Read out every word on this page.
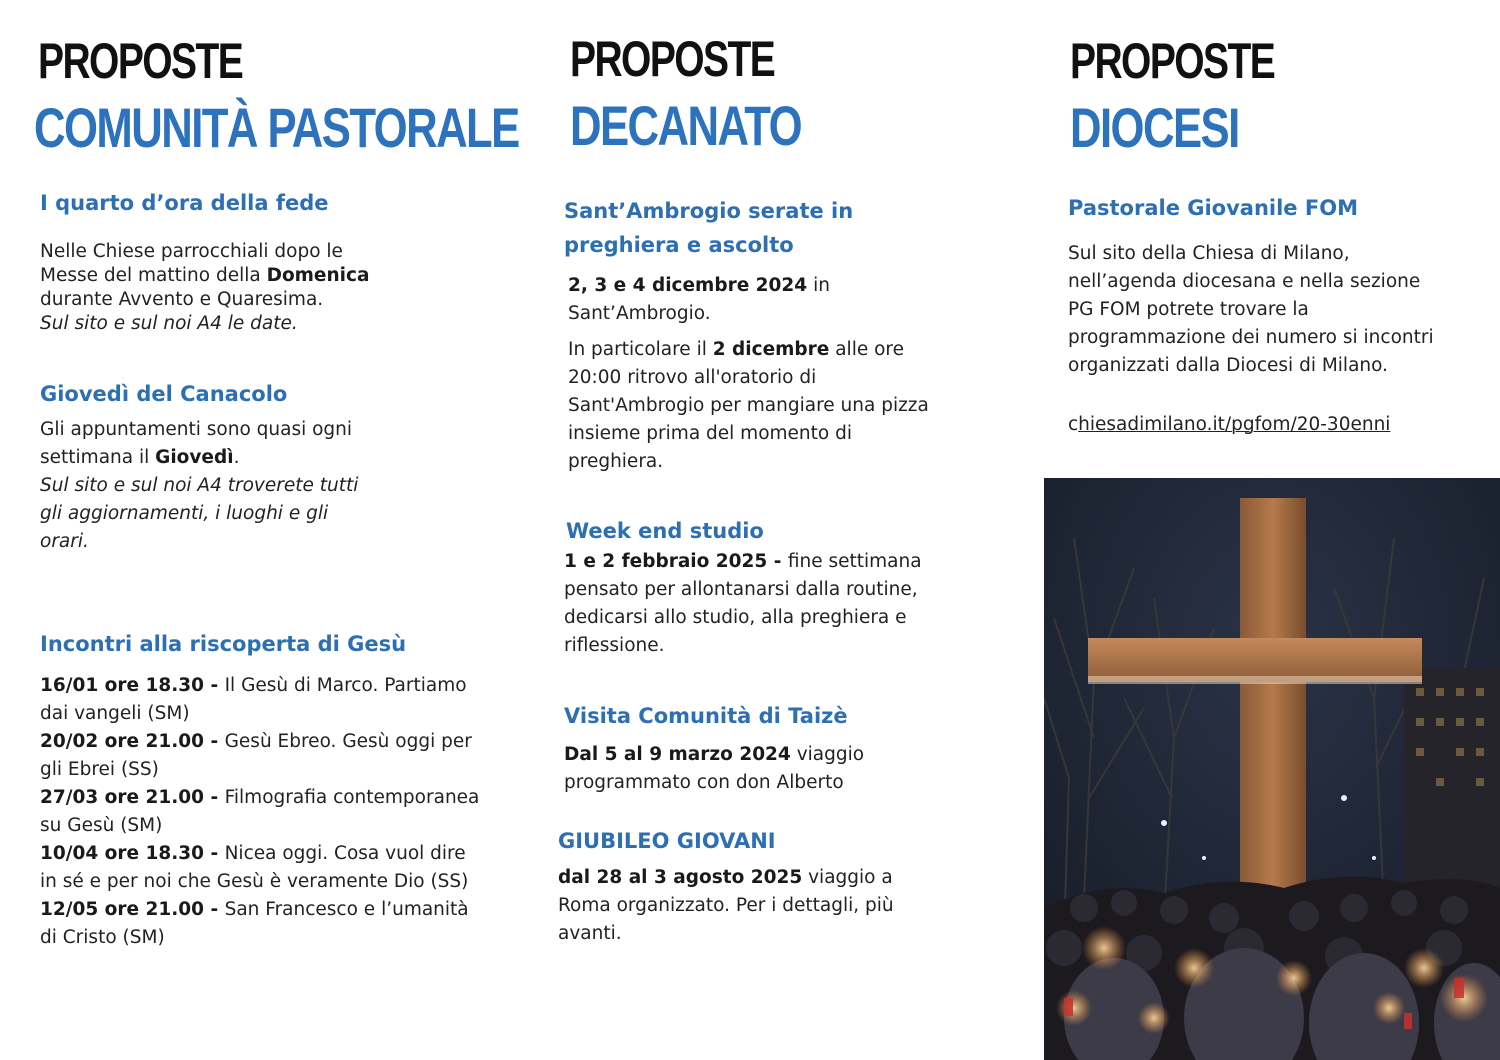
PROPOSTE
COMUNITÀ PASTORALE
I quarto d’ora della fede
Nelle Chiese parrocchiali dopo le
Messe del mattino della Domenica
durante Avvento e Quaresima.
Sul sito e sul noi A4 le date.
Giovedì del Canacolo
Gli appuntamenti sono quasi ogni
settimana il Giovedì.
Sul sito e sul noi A4 troverete tutti
gli aggiornamenti, i luoghi e gli
orari.
Incontri alla riscoperta di Gesù
16/01 ore 18.30 - Il Gesù di Marco. Partiamo dai vangeli (SM)
20/02 ore 21.00 - Gesù Ebreo. Gesù oggi per gli Ebrei (SS)
27/03 ore 21.00 - Filmografia contemporanea su Gesù (SM)
10/04 ore 18.30 - Nicea oggi. Cosa vuol dire in sé e per noi che Gesù è veramente Dio (SS)
12/05 ore 21.00 - San Francesco e l’umanità di Cristo (SM)
PROPOSTE
DECANATO
Sant’Ambrogio serate in
preghiera e ascolto
2, 3 e 4 dicembre 2024 in Sant’Ambrogio.
In particolare il 2 dicembre alle ore 20:00 ritrovo all'oratorio di Sant'Ambrogio per mangiare una pizza insieme prima del momento di preghiera.
Week end studio
1 e 2 febbraio 2025 - fine settimana pensato per allontanarsi dalla routine, dedicarsi allo studio, alla preghiera e riflessione.
Visita Comunità di Taizè
Dal 5 al 9 marzo 2024 viaggio programmato con don Alberto
GIUBILEO GIOVANI
dal 28 al 3 agosto 2025 viaggio a Roma organizzato. Per i dettagli, più avanti.
PROPOSTE
DIOCESI
Pastorale Giovanile FOM
Sul sito della Chiesa di Milano, nell’agenda diocesana e nella sezione PG FOM potrete trovare la programmazione dei numero si incontri organizzati dalla Diocesi di Milano.
chiesadimilano.it/pgfom/20-30enni
